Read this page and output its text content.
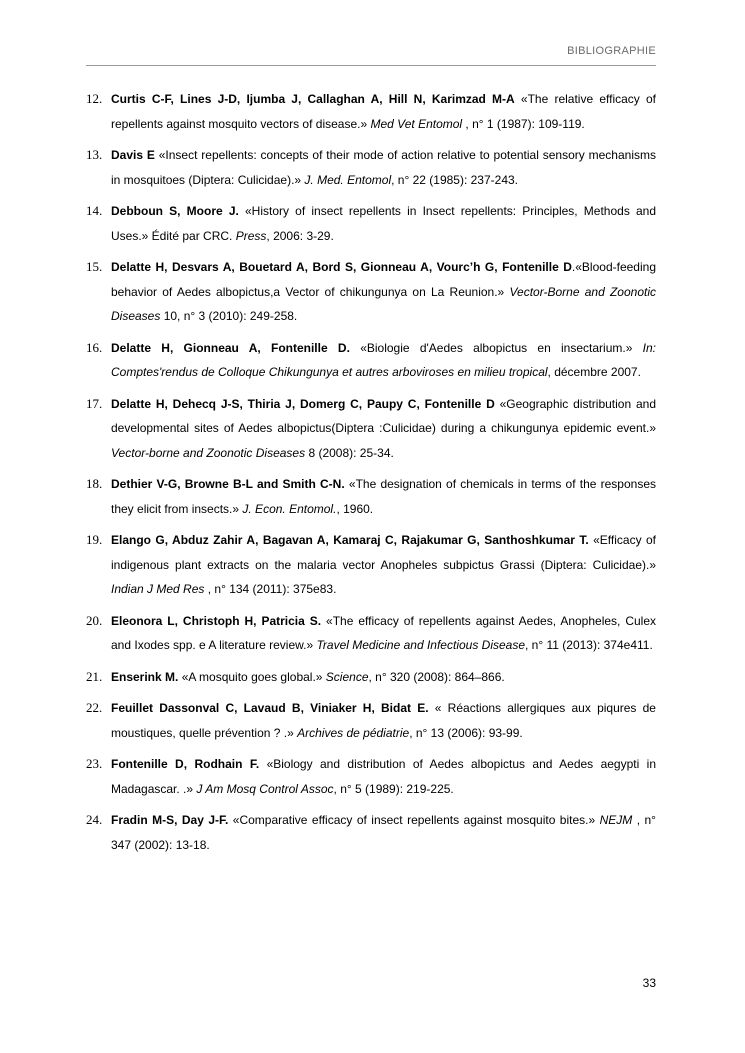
BIBLIOGRAPHIE
12. Curtis C-F, Lines J-D, Ijumba J, Callaghan A, Hill N, Karimzad M-A «The relative efficacy of repellents against mosquito vectors of disease.» Med Vet Entomol , n° 1 (1987): 109-119.
13. Davis E «Insect repellents: concepts of their mode of action relative to potential sensory mechanisms in mosquitoes (Diptera: Culicidae).» J. Med. Entomol, n° 22 (1985): 237-243.
14. Debboun S, Moore J. «History of insect repellents in Insect repellents: Principles, Methods and Uses.» Édité par CRC. Press, 2006: 3-29.
15. Delatte H, Desvars A, Bouetard A, Bord S, Gionneau A, Vourc’h G, Fontenille D.«Blood-feeding behavior of Aedes albopictus,a Vector of chikungunya on La Reunion.» Vector-Borne and Zoonotic Diseases 10, n° 3 (2010): 249-258.
16. Delatte H, Gionneau A, Fontenille D. «Biologie d'Aedes albopictus en insectarium.» In: Comptes'rendus de Colloque Chikungunya et autres arboviroses en milieu tropical, décembre 2007.
17. Delatte H, Dehecq J-S, Thiria J, Domerg C, Paupy C, Fontenille D «Geographic distribution and developmental sites of Aedes albopictus(Diptera :Culicidae) during a chikungunya epidemic event.» Vector-borne and Zoonotic Diseases 8 (2008): 25-34.
18. Dethier V-G, Browne B-L and Smith C-N. «The designation of chemicals in terms of the responses they elicit from insects.» J. Econ. Entomol., 1960.
19. Elango G, Abduz Zahir A, Bagavan A, Kamaraj C, Rajakumar G, Santhoshkumar T. «Efficacy of indigenous plant extracts on the malaria vector Anopheles subpictus Grassi (Diptera: Culicidae).» Indian J Med Res , n° 134 (2011): 375e83.
20. Eleonora L, Christoph H, Patricia S. «The efficacy of repellents against Aedes, Anopheles, Culex and Ixodes spp. e A literature review.» Travel Medicine and Infectious Disease, n° 11 (2013): 374e411.
21. Enserink M. «A mosquito goes global.» Science, n° 320 (2008): 864–866.
22. Feuillet Dassonval C, Lavaud B, Viniaker H, Bidat E. « Réactions allergiques aux piqures de moustiques, quelle prévention ? .» Archives de pédiatrie, n° 13 (2006): 93-99.
23. Fontenille D, Rodhain F. «Biology and distribution of Aedes albopictus and Aedes aegypti in Madagascar. .» J Am Mosq Control Assoc, n° 5 (1989): 219-225.
24. Fradin M-S, Day J-F. «Comparative efficacy of insect repellents against mosquito bites.» NEJM , n° 347 (2002): 13-18.
33
